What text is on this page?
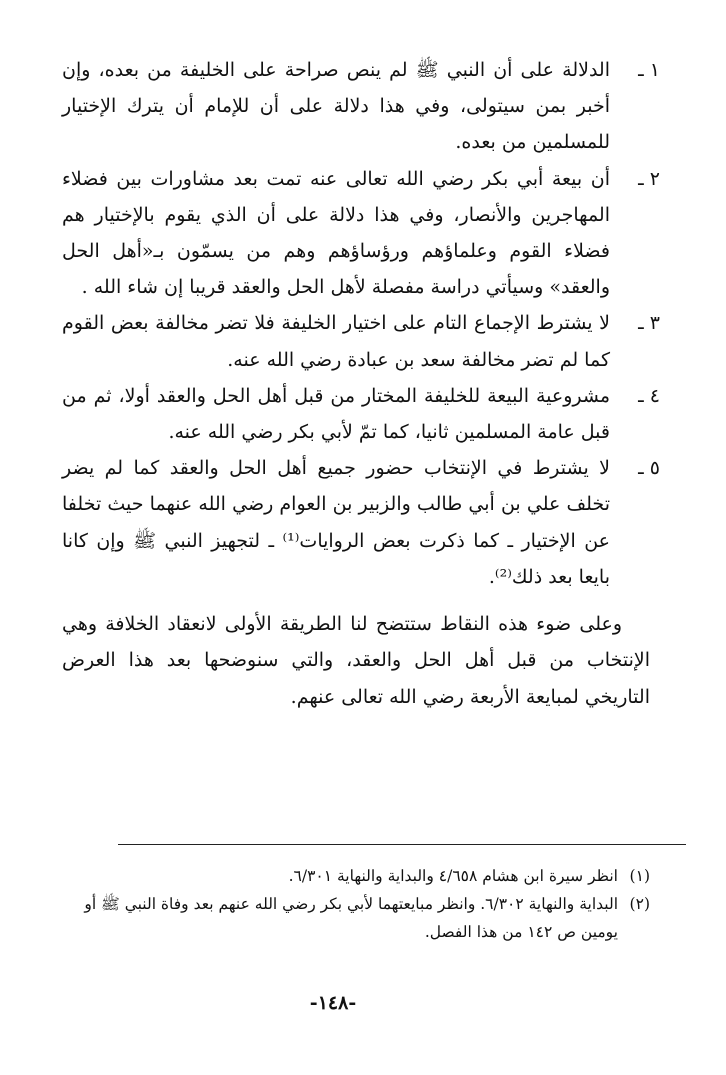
١ ـ
الدلالة على أن النبي ﷺ لم ينص صراحة على الخليفة من بعده، وإن أخبر بمن سيتولى، وفي هذا دلالة على أن للإمام أن يترك الإختيار للمسلمين من بعده.
٢ ـ
أن بيعة أبي بكر رضي الله تعالى عنه تمت بعد مشاورات بين فضلاء المهاجرين والأنصار، وفي هذا دلالة على أن الذي يقوم بالإختيار هم فضلاء القوم وعلماؤهم ورؤساؤهم وهم من يسمّون بـ«أهل الحل والعقد» وسيأتي دراسة مفصلة لأهل الحل والعقد قريبا إن شاء الله .
٣ ـ
لا يشترط الإجماع التام على اختيار الخليفة فلا تضر مخالفة بعض القوم كما لم تضر مخالفة سعد بن عبادة رضي الله عنه.
٤ ـ
مشروعية البيعة للخليفة المختار من قبل أهل الحل والعقد أولا، ثم من قبل عامة المسلمين ثانيا، كما تمّ لأبي بكر رضي الله عنه.
٥ ـ
لا يشترط في الإنتخاب حضور جميع أهل الحل والعقد كما لم يضر تخلف علي بن أبي طالب والزبير بن العوام رضي الله عنهما حيث تخلفا عن الإختيار ـ كما ذكرت بعض الروايات⁽¹⁾ ـ لتجهيز النبي ﷺ وإن كانا بايعا بعد ذلك⁽²⁾.

وعلى ضوء هذه النقاط ستتضح لنا الطريقة الأولى لانعقاد الخلافة وهي الإنتخاب من قبل أهل الحل والعقد، والتي سنوضحها بعد هذا العرض التاريخي لمبايعة الأربعة رضي الله تعالى عنهم.

(١)
انظر سيرة ابن هشام ٤/٦٥٨ والبداية والنهاية ٦/٣٠١.
(٢)
البداية والنهاية ٦/٣٠٢. وانظر مبايعتهما لأبي بكر رضي الله عنهم بعد وفاة النبي ﷺ أو يومين ص ١٤٢ من هذا الفصل.
-١٤٨-
